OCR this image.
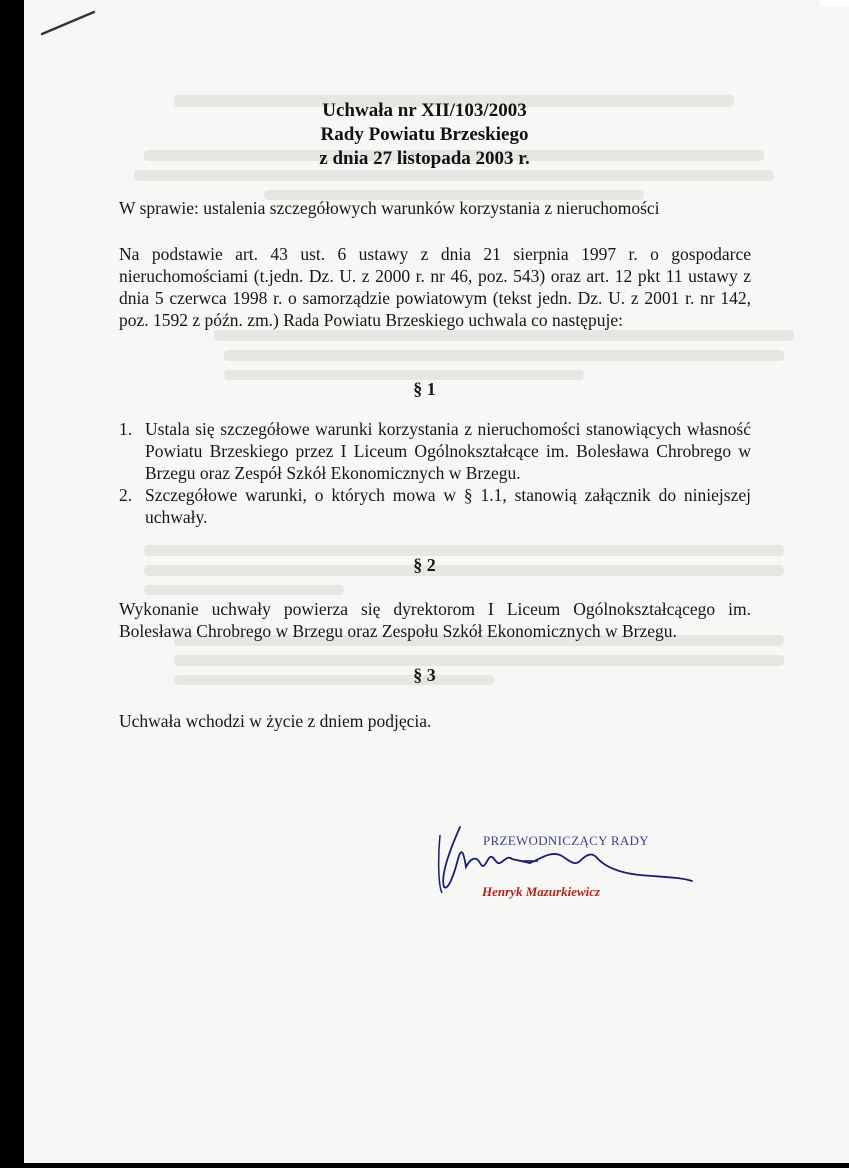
Uchwała nr XII/103/2003
Rady Powiatu Brzeskiego
z dnia 27 listopada 2003 r.
W sprawie: ustalenia szczegółowych warunków korzystania z nieruchomości
Na podstawie art. 43 ust. 6 ustawy z dnia 21 sierpnia 1997 r. o gospodarce nieruchomościami (t.jedn. Dz. U. z 2000 r. nr 46, poz. 543) oraz art. 12 pkt 11 ustawy z dnia 5 czerwca 1998 r. o samorządzie powiatowym (tekst jedn. Dz. U. z 2001 r. nr 142, poz. 1592 z późn. zm.) Rada Powiatu Brzeskiego uchwala co następuje:
§ 1
1. Ustala się szczegółowe warunki korzystania z nieruchomości stanowiących własność Powiatu Brzeskiego przez I Liceum Ogólnokształcące im. Bolesława Chrobrego w Brzegu oraz Zespół Szkół Ekonomicznych w Brzegu.
2. Szczegółowe warunki, o których mowa w § 1.1, stanowią załącznik do niniejszej uchwały.
§ 2
Wykonanie uchwały powierza się dyrektorom I Liceum Ogólnokształcącego im. Bolesława Chrobrego w Brzegu oraz Zespołu Szkół Ekonomicznych w Brzegu.
§ 3
Uchwała wchodzi w życie z dniem podjęcia.
PRZEWODNICZĄCY RADY
Henryk Mazurkiewicz
